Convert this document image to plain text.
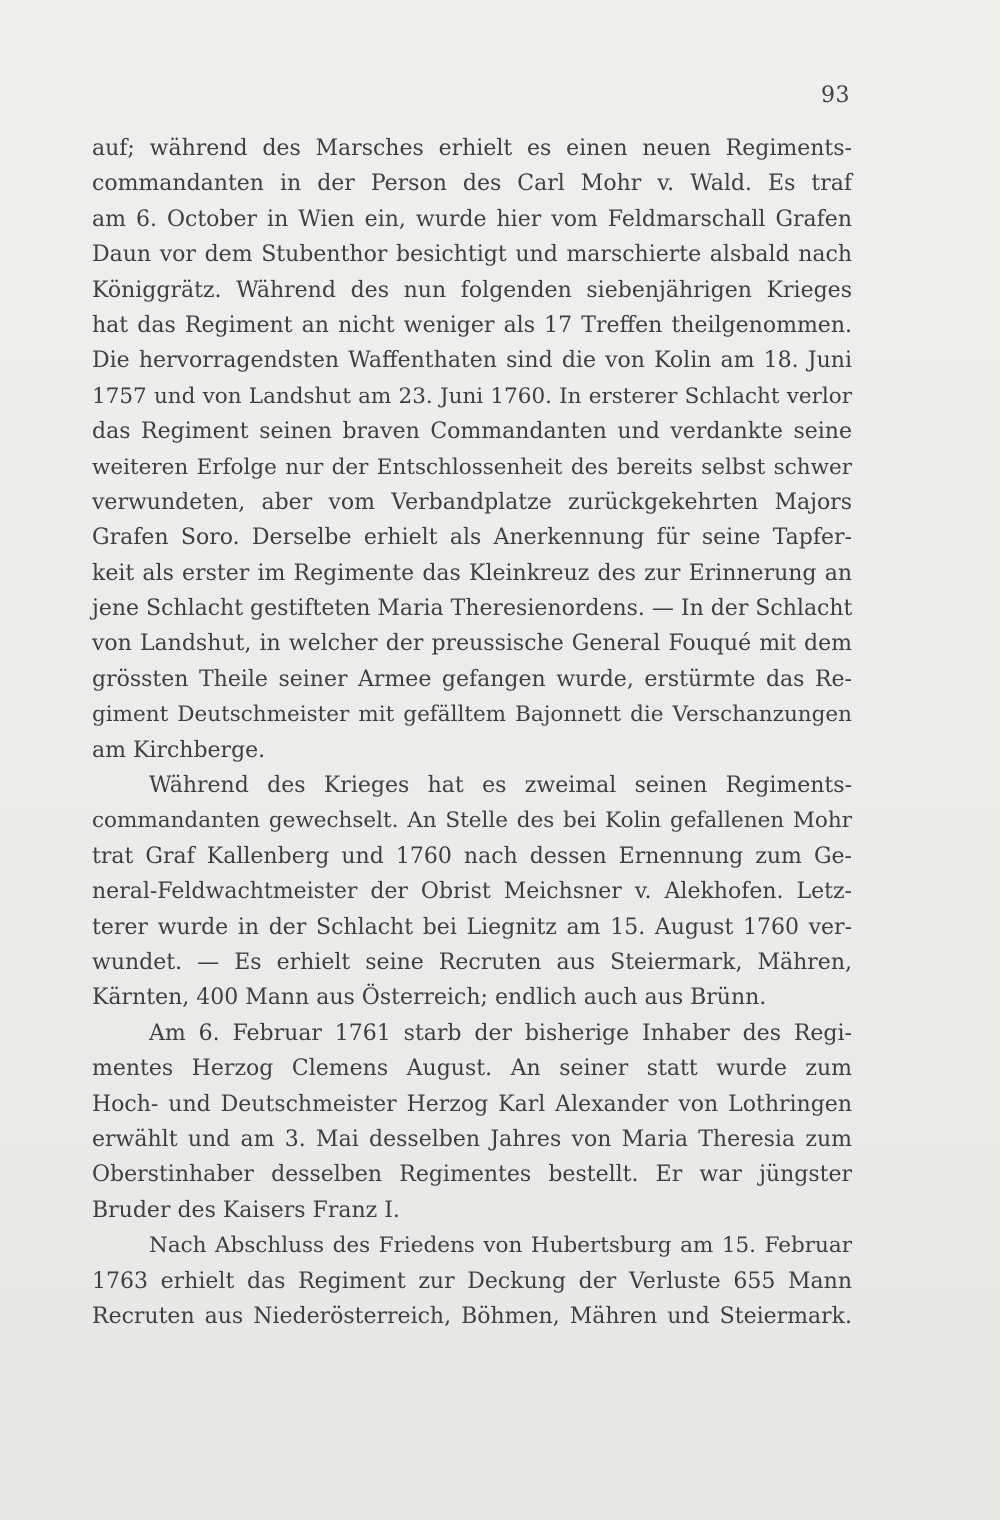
93
auf; während des Marsches erhielt es einen neuen Regiments-
commandanten in der Person des Carl Mohr v. Wald. Es traf
am 6. October in Wien ein, wurde hier vom Feldmarschall Grafen
Daun vor dem Stubenthor besichtigt und marschierte alsbald nach
Königgrätz. Während des nun folgenden siebenjährigen Krieges
hat das Regiment an nicht weniger als 17 Treffen theilgenommen.
Die hervorragendsten Waffenthaten sind die von Kolin am 18. Juni
1757 und von Landshut am 23. Juni 1760. In ersterer Schlacht verlor
das Regiment seinen braven Commandanten und verdankte seine
weiteren Erfolge nur der Entschlossenheit des bereits selbst schwer
verwundeten, aber vom Verbandplatze zurückgekehrten Majors
Grafen Soro. Derselbe erhielt als Anerkennung für seine Tapfer-
keit als erster im Regimente das Kleinkreuz des zur Erinnerung an
jene Schlacht gestifteten Maria Theresienordens. — In der Schlacht
von Landshut, in welcher der preussische General Fouqué mit dem
grössten Theile seiner Armee gefangen wurde, erstürmte das Re-
giment Deutschmeister mit gefälltem Bajonnett die Verschanzungen
am Kirchberge.
Während des Krieges hat es zweimal seinen Regiments-
commandanten gewechselt. An Stelle des bei Kolin gefallenen Mohr
trat Graf Kallenberg und 1760 nach dessen Ernennung zum Ge-
neral-Feldwachtmeister der Obrist Meichsner v. Alekhofen. Letz-
terer wurde in der Schlacht bei Liegnitz am 15. August 1760 ver-
wundet. — Es erhielt seine Recruten aus Steiermark, Mähren,
Kärnten, 400 Mann aus Österreich; endlich auch aus Brünn.
Am 6. Februar 1761 starb der bisherige Inhaber des Regi-
mentes Herzog Clemens August. An seiner statt wurde zum
Hoch- und Deutschmeister Herzog Karl Alexander von Lothringen
erwählt und am 3. Mai desselben Jahres von Maria Theresia zum
Oberstinhaber desselben Regimentes bestellt. Er war jüngster
Bruder des Kaisers Franz I.
Nach Abschluss des Friedens von Hubertsburg am 15. Februar
1763 erhielt das Regiment zur Deckung der Verluste 655 Mann
Recruten aus Niederösterreich, Böhmen, Mähren und Steiermark.
